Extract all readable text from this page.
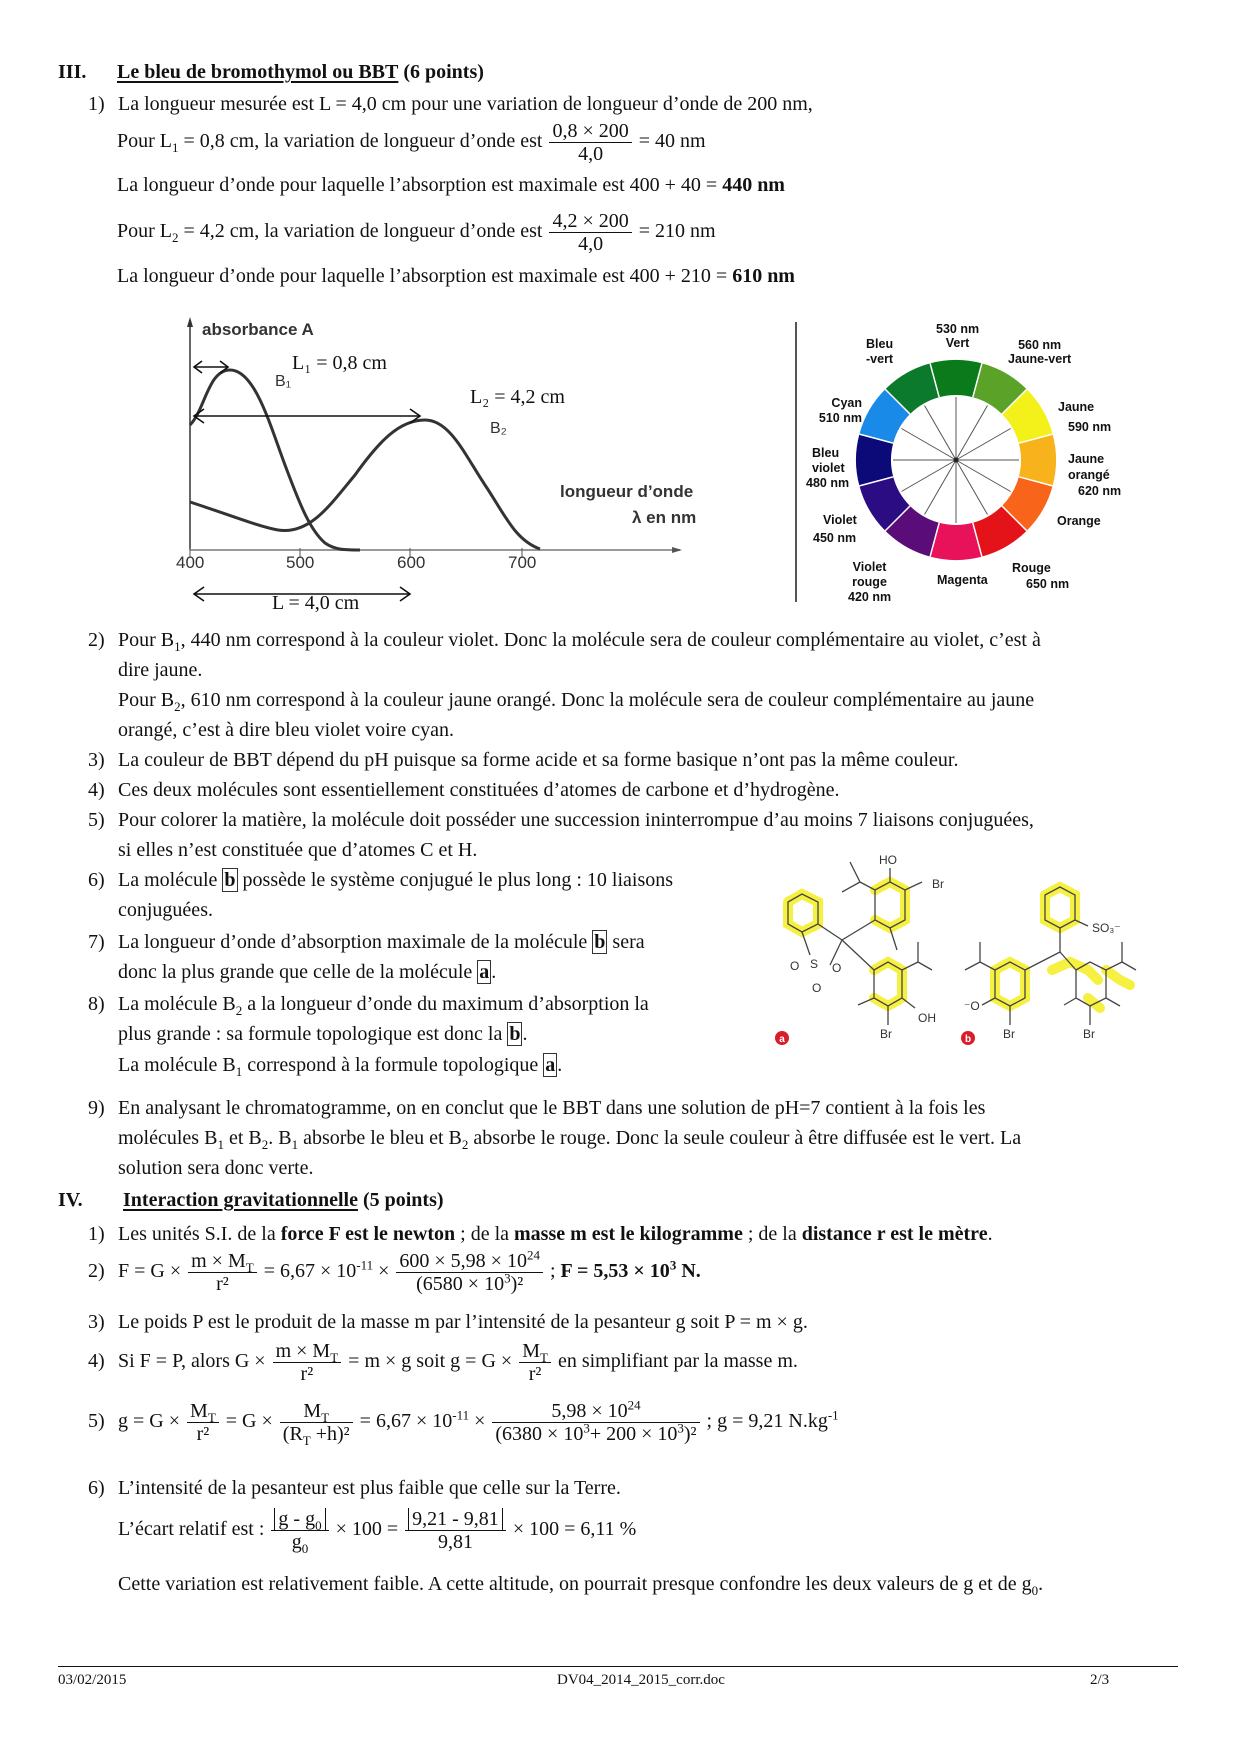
III. Le bleu de bromothymol ou BBT (6 points)
1) La longueur mesurée est L = 4,0 cm pour une variation de longueur d’onde de 200 nm,
Pour $L_1 = 0,8$ cm, la variation de longueur d’onde est $\frac{0,8 \times 200}{4,0} = 40$ nm
La longueur d’onde pour laquelle l’absorption est maximale est 400 + 40 = 440 nm
Pour $L_2 = 4,2$ cm, la variation de longueur d’onde est $\frac{4,2 \times 200}{4,0} = 210$ nm
La longueur d’onde pour laquelle l’absorption est maximale est 400 + 210 = 610 nm
absorbance A
L₁ = 0,8 cm
L₂ = 4,2 cm
B₁
B₂
longueur d’onde
λ en nm
400	500	600	700
L = 4,0 cm
530 nm
Vert	560 nm
Jaune-vert
Bleu
-vert
Cyan
510 nm
Jaune
590 nm
Bleu
violet
480 nm
Jaune
orangé
620 nm
Violet
450 nm
Orange
Violet
rouge
420 nm
Magenta
Rouge
650 nm
2) Pour $B_1$, 440 nm correspond à la couleur violet. Donc la molécule sera de couleur complémentaire au violet, c’est à
dire jaune.
Pour $B_2$, 610 nm correspond à la couleur jaune orangé. Donc la molécule sera de couleur complémentaire au jaune
orangé, c’est à dire bleu violet voire cyan.
3) La couleur de BBT dépend du pH puisque sa forme acide et sa forme basique n’ont pas la même couleur.
4) Ces deux molécules sont essentiellement constituées d’atomes de carbone et d’hydrogène.
5) Pour colorer la matière, la molécule doit posséder une succession ininterrompue d’au moins 7 liaisons conjuguées,
si elles n’est constituée que d’atomes C et H.
6) La molécule b possède le système conjugué le plus long : 10 liaisons
conjuguées.
7) La longueur d’onde d’absorption maximale de la molécule b sera
donc la plus grande que celle de la molécule a .
8) La molécule $B_2$ a la longueur d’onde du maximum d’absorption la
plus grande : sa formule topologique est donc la b .
La molécule $B_1$ correspond à la formule topologique a .
HO
Br
S O
O
O
OH
Br
a
SO₃⁻
⁻O
Br	Br
b
9) En analysant le chromatogramme, on en conclut que le BBT dans une solution de pH=7 contient à la fois les
molécules $B_1$ et $B_2$. $B_1$ absorbe le bleu et $B_2$ absorbe le rouge. Donc la seule couleur à être diffusée est le vert. La
solution sera donc verte.
IV. Interaction gravitationnelle (5 points)
1) Les unités S.I. de la force F est le newton ; de la masse m est le kilogramme ; de la distance r est le mètre.
2) $F = G \times \frac{m \times M_T}{\text{r²}} = 6,67 \times 10^{-11} \times \frac{600 \times 5,98 \times 10^{24}}{(6580 \times 10^3)^2}$ ; $F = 5,53 \times 10^3$ N.
3) Le poids P est le produit de la masse m par l’intensité de la pesanteur g soit P = m × g.
4) Si F = P, alors $G \times \frac{m \times M_T}{\text{r²}} = m \times g$ soit $g = G \times \frac{M_T}{\text{r²}}$ en simplifiant par la masse m.
5) $g = G \times \frac{M_T}{\text{r²}} = G \times \frac{M_T}{(R_T +h)^2} = 6,67 \times 10^{-11} \times \frac{5,98 \times 10^{24}}{(6380 \times 10^3+ 200 \times 10^3)^2}$ ; g = 9,21 $N.kg^{-1}$
6) L’intensité de la pesanteur est plus faible que celle sur la Terre.
L’écart relatif est : $\frac{g - g_0}{g_0} \times 100 = \frac{9,21 - 9,81}{9,81} \times 100 = 6,11$ %
Cette variation est relativement faible. A cette altitude, on pourrait presque confondre les deux valeurs de g et de $g_0$.
03/02/2015	DV04_2014_2015_corr.doc	2/3
